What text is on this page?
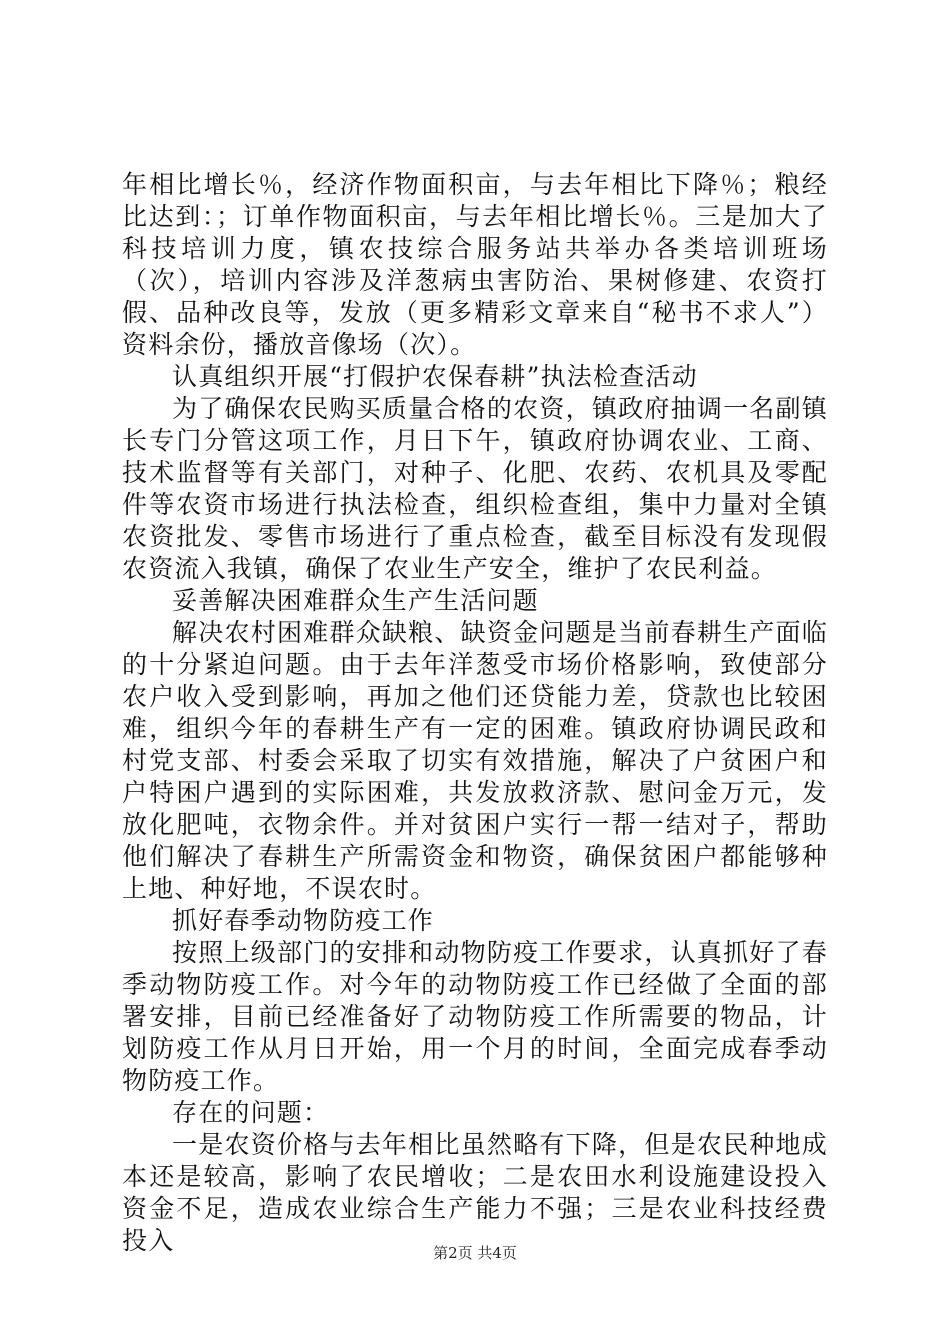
年相比增长％，经济作物面积亩，与去年相比下降％；粮经比达到：；订单作物面积亩，与去年相比增长％。三是加大了科技培训力度，镇农技综合服务站共举办各类培训班场（次），培训内容涉及洋葱病虫害防治、果树修建、农资打假、品种改良等，发放（更多精彩文章来自“秘书不求人”）资料余份，播放音像场（次）。

认真组织开展“打假护农保春耕”执法检查活动

为了确保农民购买质量合格的农资，镇政府抽调一名副镇长专门分管这项工作，月日下午，镇政府协调农业、工商、技术监督等有关部门，对种子、化肥、农药、农机具及零配件等农资市场进行执法检查，组织检查组，集中力量对全镇农资批发、零售市场进行了重点检查，截至目标没有发现假农资流入我镇，确保了农业生产安全，维护了农民利益。

妥善解决困难群众生产生活问题

解决农村困难群众缺粮、缺资金问题是当前春耕生产面临的十分紧迫问题。由于去年洋葱受市场价格影响，致使部分农户收入受到影响，再加之他们还贷能力差，贷款也比较困难，组织今年的春耕生产有一定的困难。镇政府协调民政和村党支部、村委会采取了切实有效措施，解决了户贫困户和户特困户遇到的实际困难，共发放救济款、慰问金万元，发放化肥吨，衣物余件。并对贫困户实行一帮一结对子，帮助他们解决了春耕生产所需资金和物资，确保贫困户都能够种上地、种好地，不误农时。

抓好春季动物防疫工作

按照上级部门的安排和动物防疫工作要求，认真抓好了春季动物防疫工作。对今年的动物防疫工作已经做了全面的部署安排，目前已经准备好了动物防疫工作所需要的物品，计划防疫工作从月日开始，用一个月的时间，全面完成春季动物防疫工作。

存在的问题：

一是农资价格与去年相比虽然略有下降，但是农民种地成本还是较高，影响了农民增收；二是农田水利设施建设投入资金不足，造成农业综合生产能力不强；三是农业科技经费投入	第2页 共4页
